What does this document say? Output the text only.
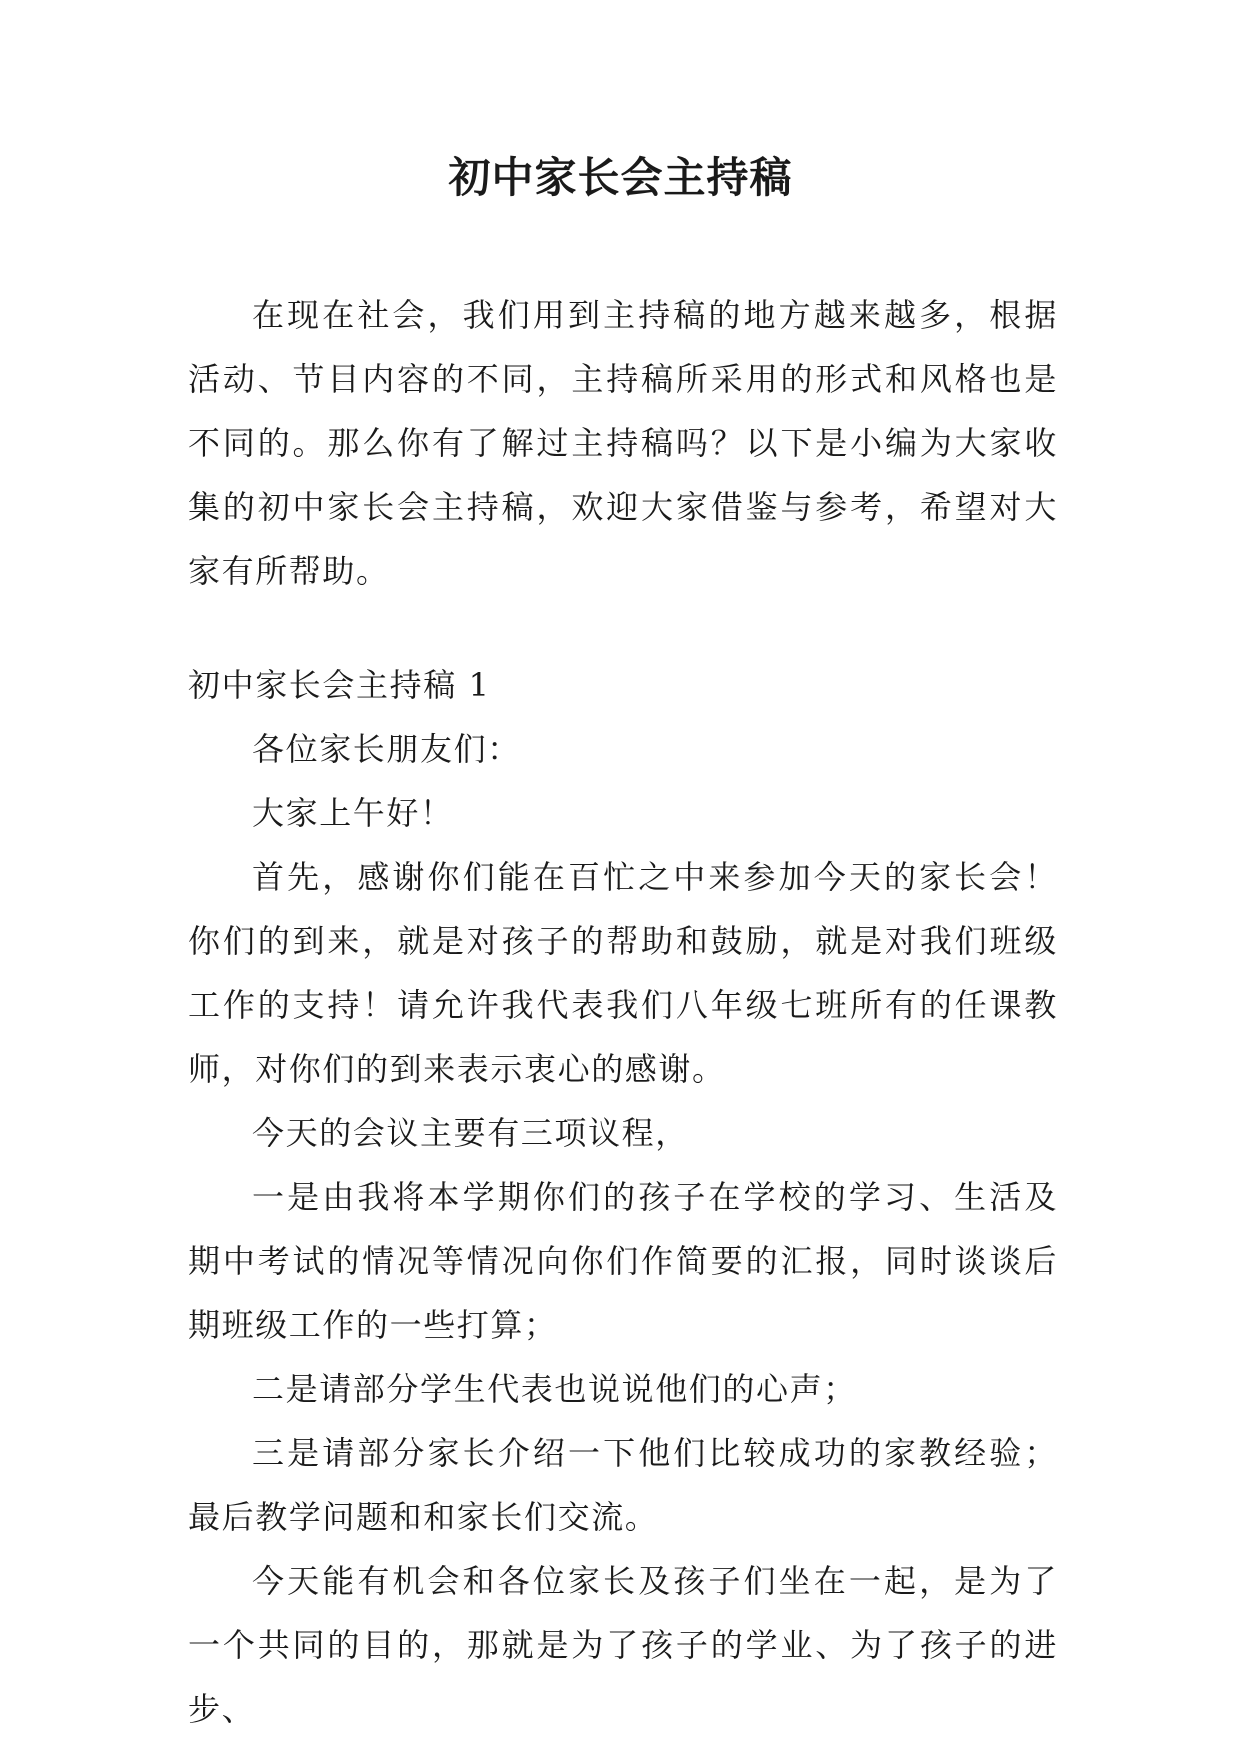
初中家长会主持稿

在现在社会，我们用到主持稿的地方越来越多，根据活动、节目内容的不同，主持稿所采用的形式和风格也是不同的。那么你有了解过主持稿吗？以下是小编为大家收集的初中家长会主持稿，欢迎大家借鉴与参考，希望对大家有所帮助。

初中家长会主持稿 1

各位家长朋友们：

大家上午好！

首先，感谢你们能在百忙之中来参加今天的家长会！你们的到来，就是对孩子的帮助和鼓励，就是对我们班级工作的支持！请允许我代表我们八年级七班所有的任课教师，对你们的到来表示衷心的感谢。

今天的会议主要有三项议程，

一是由我将本学期你们的孩子在学校的学习、生活及期中考试的情况等情况向你们作简要的汇报，同时谈谈后期班级工作的一些打算；

二是请部分学生代表也说说他们的心声；

三是请部分家长介绍一下他们比较成功的家教经验；最后教学问题和和家长们交流。

今天能有机会和各位家长及孩子们坐在一起，是为了一个共同的目的，那就是为了孩子的学业、为了孩子的进步、
